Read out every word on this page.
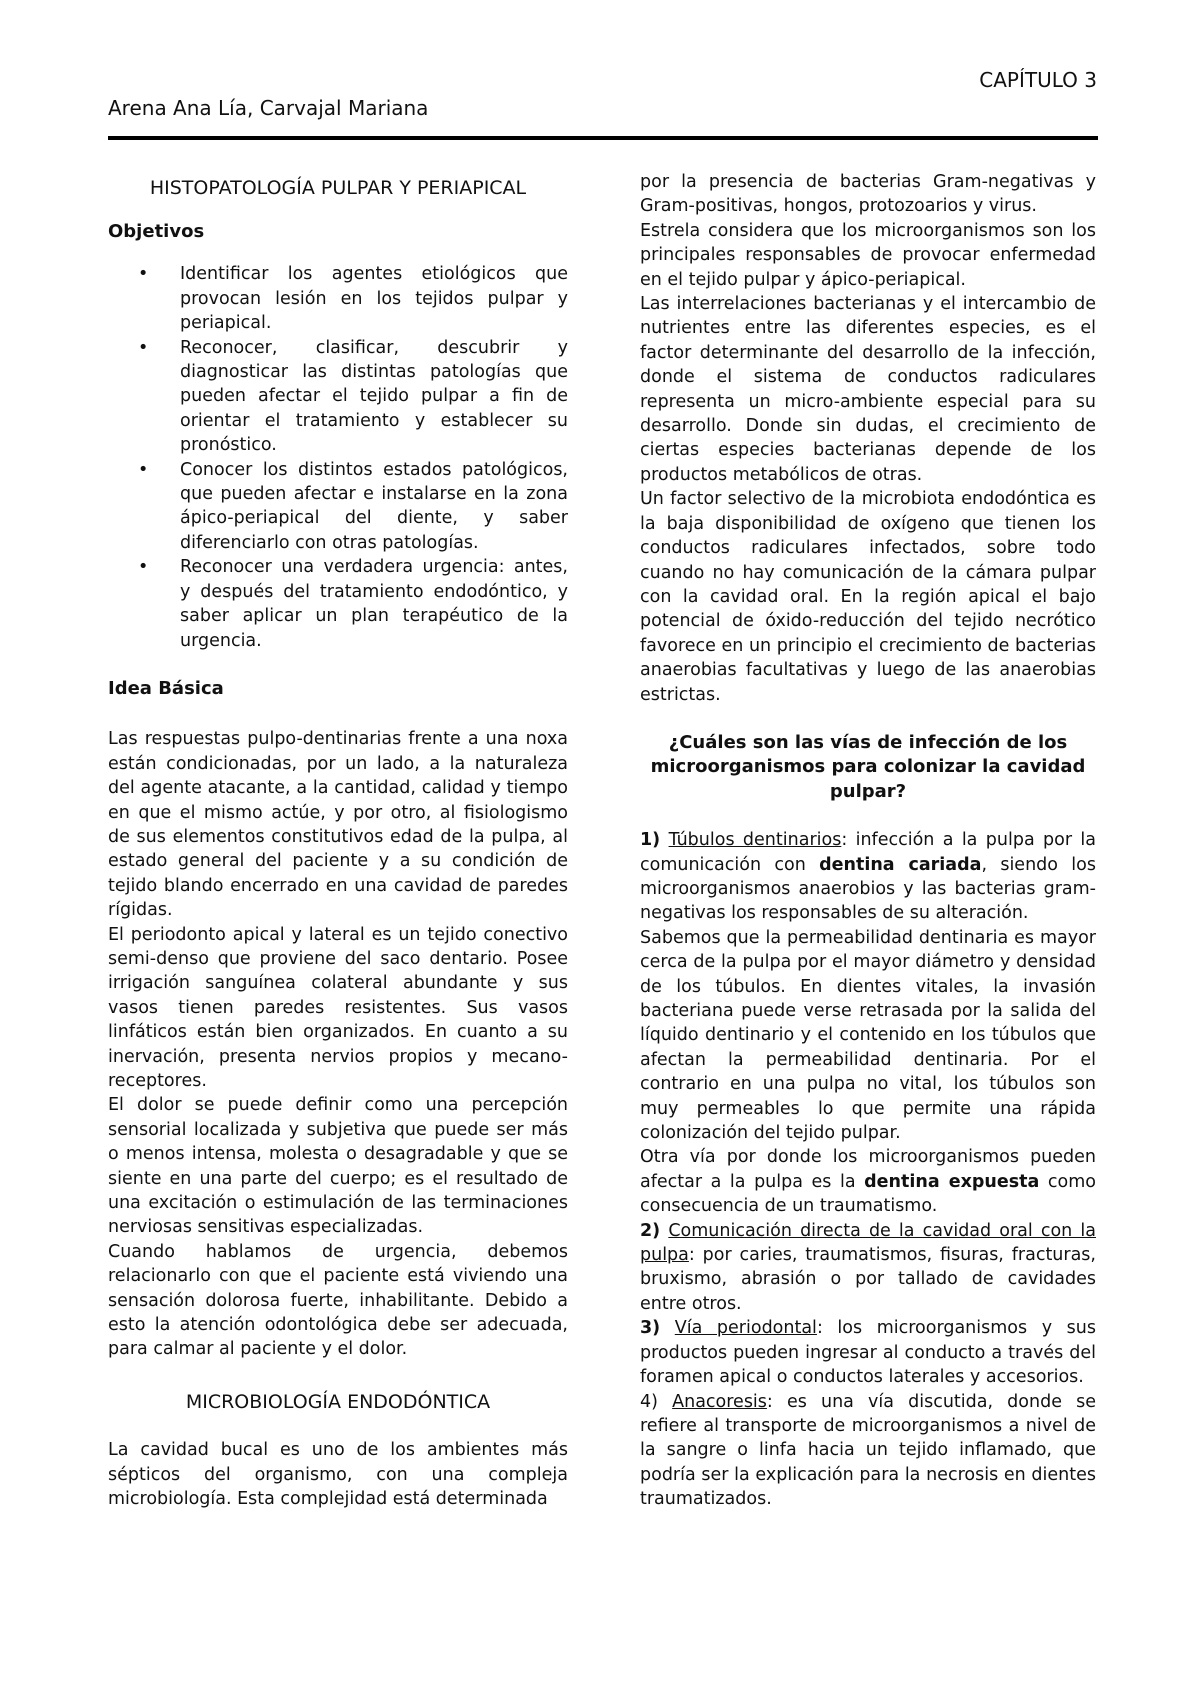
CAPÍTULO 3
Arena Ana Lía, Carvajal Mariana
HISTOPATOLOGÍA PULPAR Y PERIAPICAL
Objetivos
• Identificar los agentes etiológicos que provocan lesión en los tejidos pulpar y periapical.
• Reconocer, clasificar, descubrir y diagnosticar las distintas patologías que pueden afectar el tejido pulpar a fin de orientar el tratamiento y establecer su pronóstico.
• Conocer los distintos estados patológicos, que pueden afectar e instalarse en la zona ápico-periapical del diente, y saber diferenciarlo con otras patologías.
• Reconocer una verdadera urgencia: antes, y después del tratamiento endodóntico, y saber aplicar un plan terapéutico de la urgencia.
Idea Básica

Las respuestas pulpo-dentinarias frente a una noxa están condicionadas, por un lado, a la naturaleza del agente atacante, a la cantidad, calidad y tiempo en que el mismo actúe, y por otro, al fisiologismo de sus elementos constitutivos edad de la pulpa, al estado general del paciente y a su condición de tejido blando encerrado en una cavidad de paredes rígidas.

El periodonto apical y lateral es un tejido conectivo semi-denso que proviene del saco dentario. Posee irrigación sanguínea colateral abundante y sus vasos tienen paredes resistentes. Sus vasos linfáticos están bien organizados. En cuanto a su inervación, presenta nervios propios y mecano-receptores.

El dolor se puede definir como una percepción sensorial localizada y subjetiva que puede ser más o menos intensa, molesta o desagradable y que se siente en una parte del cuerpo; es el resultado de una excitación o estimulación de las terminaciones nerviosas sensitivas especializadas.

Cuando hablamos de urgencia, debemos relacionarlo con que el paciente está viviendo una sensación dolorosa fuerte, inhabilitante. Debido a esto la atención odontológica debe ser adecuada, para calmar al paciente y el dolor.

MICROBIOLOGÍA ENDODÓNTICA

La cavidad bucal es uno de los ambientes más sépticos del organismo, con una compleja microbiología. Esta complejidad está determinada

por la presencia de bacterias Gram-negativas y Gram-positivas, hongos, protozoarios y virus.

Estrela considera que los microorganismos son los principales responsables de provocar enfermedad en el tejido pulpar y ápico-periapical.

Las interrelaciones bacterianas y el intercambio de nutrientes entre las diferentes especies, es el factor determinante del desarrollo de la infección, donde el sistema de conductos radiculares representa un micro-ambiente especial para su desarrollo. Donde sin dudas, el crecimiento de ciertas especies bacterianas depende de los productos metabólicos de otras.

Un factor selectivo de la microbiota endodóntica es la baja disponibilidad de oxígeno que tienen los conductos radiculares infectados, sobre todo cuando no hay comunicación de la cámara pulpar con la cavidad oral. En la región apical el bajo potencial de óxido-reducción del tejido necrótico favorece en un principio el crecimiento de bacterias anaerobias facultativas y luego de las anaerobias estrictas.

¿Cuáles son las vías de infección de los microorganismos para colonizar la cavidad pulpar?

1) Túbulos dentinarios: infección a la pulpa por la comunicación con dentina cariada, siendo los microorganismos anaerobios y las bacterias gram-negativas los responsables de su alteración.

Sabemos que la permeabilidad dentinaria es mayor cerca de la pulpa por el mayor diámetro y densidad de los túbulos. En dientes vitales, la invasión bacteriana puede verse retrasada por la salida del líquido dentinario y el contenido en los túbulos que afectan la permeabilidad dentinaria. Por el contrario en una pulpa no vital, los túbulos son muy permeables lo que permite una rápida colonización del tejido pulpar.

Otra vía por donde los microorganismos pueden afectar a la pulpa es la dentina expuesta como consecuencia de un traumatismo.

2) Comunicación directa de la cavidad oral con la pulpa: por caries, traumatismos, fisuras, fracturas, bruxismo, abrasión o por tallado de cavidades entre otros.

3) Vía periodontal: los microorganismos y sus productos pueden ingresar al conducto a través del foramen apical o conductos laterales y accesorios.

4) Anacoresis: es una vía discutida, donde se refiere al transporte de microorganismos a nivel de la sangre o linfa hacia un tejido inflamado, que podría ser la explicación para la necrosis en dientes traumatizados.
